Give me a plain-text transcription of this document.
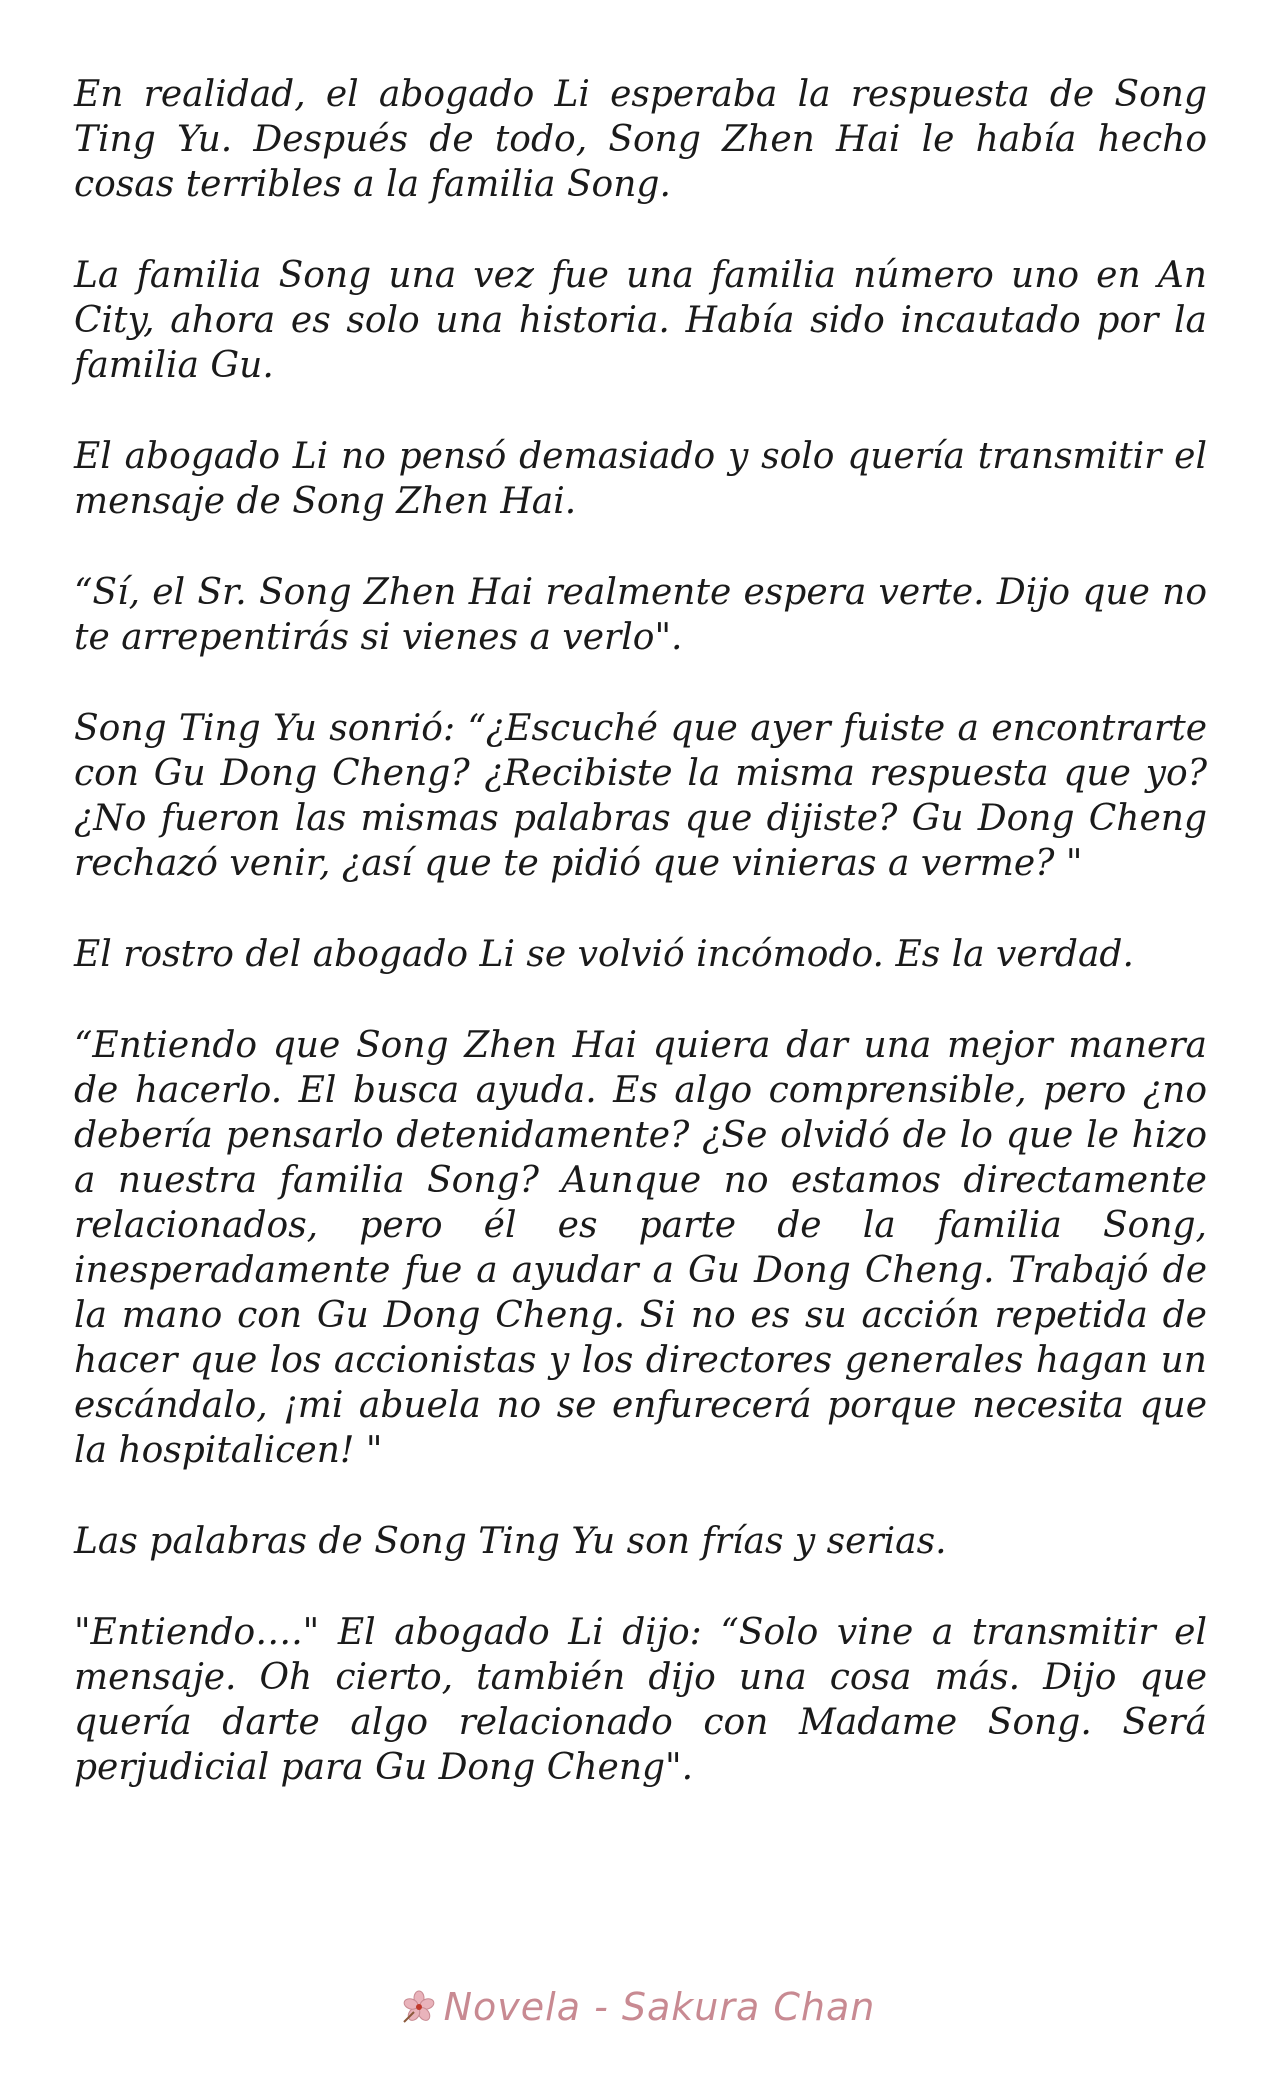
En realidad, el abogado Li esperaba la respuesta de Song Ting Yu. Después de todo, Song Zhen Hai le había hecho cosas terribles a la familia Song.

La familia Song una vez fue una familia número uno en An City, ahora es solo una historia. Había sido incautado por la familia Gu.

El abogado Li no pensó demasiado y solo quería transmitir el mensaje de Song Zhen Hai.

“Sí, el Sr. Song Zhen Hai realmente espera verte. Dijo que no te arrepentirás si vienes a verlo".

Song Ting Yu sonrió: “¿Escuché que ayer fuiste a encontrarte con Gu Dong Cheng? ¿Recibiste la misma respuesta que yo? ¿No fueron las mismas palabras que dijiste? Gu Dong Cheng rechazó venir, ¿así que te pidió que vinieras a verme? "

El rostro del abogado Li se volvió incómodo. Es la verdad.

“Entiendo que Song Zhen Hai quiera dar una mejor manera de hacerlo. El busca ayuda. Es algo comprensible, pero ¿no debería pensarlo detenidamente? ¿Se olvidó de lo que le hizo a nuestra familia Song? Aunque no estamos directamente relacionados, pero él es parte de la familia Song, inesperadamente fue a ayudar a Gu Dong Cheng. Trabajó de la mano con Gu Dong Cheng. Si no es su acción repetida de hacer que los accionistas y los directores generales hagan un escándalo, ¡mi abuela no se enfurecerá porque necesita que la hospitalicen! "

Las palabras de Song Ting Yu son frías y serias.

"Entiendo…." El abogado Li dijo: “Solo vine a transmitir el mensaje. Oh cierto, también dijo una cosa más. Dijo que quería darte algo relacionado con Madame Song. Será perjudicial para Gu Dong Cheng".

Novela - Sakura Chan
